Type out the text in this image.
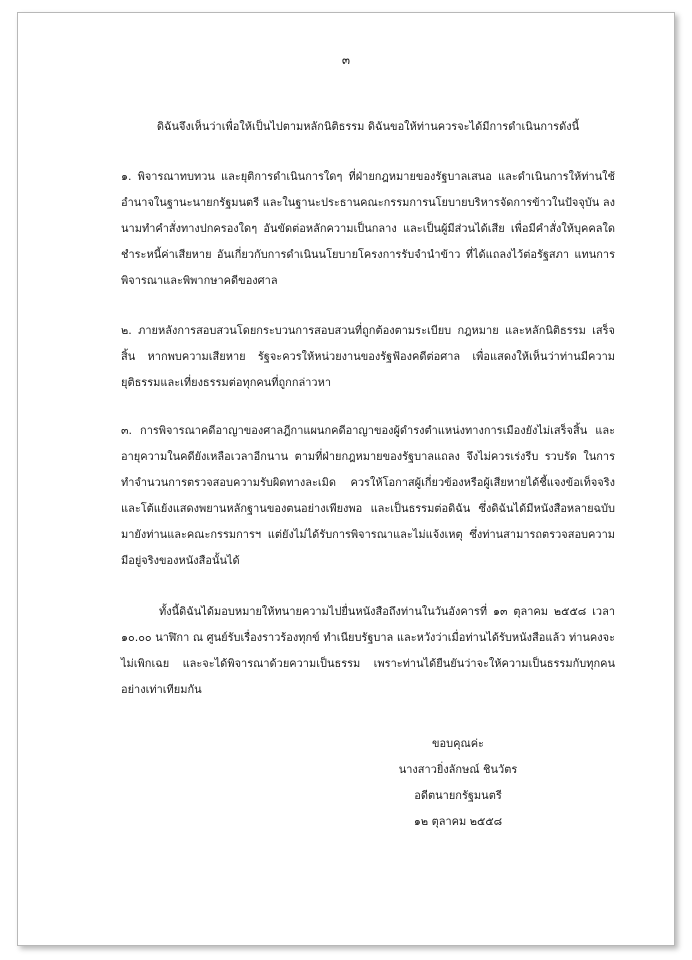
๓

ดิฉันจึงเห็นว่าเพื่อให้เป็นไปตามหลักนิติธรรม ดิฉันขอให้ท่านควรจะได้มีการดำเนินการดังนี้

๑. พิจารณาทบทวน และยุติการดำเนินการใดๆ ที่ฝ่ายกฎหมายของรัฐบาลเสนอ และดำเนินการให้ท่านใช้อำนาจในฐานะนายกรัฐมนตรี และในฐานะประธานคณะกรรมการนโยบายบริหารจัดการข้าวในปัจจุบัน ลงนามทำคำสั่งทางปกครองใดๆ อันขัดต่อหลักความเป็นกลาง และเป็นผู้มีส่วนได้เสีย เพื่อมีคำสั่งให้บุคคลใดชำระหนี้ค่าเสียหาย อันเกี่ยวกับการดำเนินนโยบายโครงการรับจำนำข้าว ที่ได้แถลงไว้ต่อรัฐสภา แทนการพิจารณาและพิพากษาคดีของศาล

๒. ภายหลังการสอบสวนโดยกระบวนการสอบสวนที่ถูกต้องตามระเบียบ กฎหมาย และหลักนิติธรรม เสร็จสิ้น หากพบความเสียหาย รัฐจะควรให้หน่วยงานของรัฐฟ้องคดีต่อศาล เพื่อแสดงให้เห็นว่าท่านมีความยุติธรรมและเที่ยงธรรมต่อทุกคนที่ถูกกล่าวหา

๓. การพิจารณาคดีอาญาของศาลฎีกาแผนกคดีอาญาของผู้ดำรงตำแหน่งทางการเมืองยังไม่เสร็จสิ้น และอายุความในคดียังเหลือเวลาอีกนาน ตามที่ฝ่ายกฎหมายของรัฐบาลแถลง จึงไม่ควรเร่งรีบ รวบรัด ในการทำจำนวนการตรวจสอบความรับผิดทางละเมิด ควรให้โอกาสผู้เกี่ยวข้องหรือผู้เสียหายได้ชี้แจงข้อเท็จจริงและโต้แย้งแสดงพยานหลักฐานของตนอย่างเพียงพอ และเป็นธรรมต่อดิฉัน ซึ่งดิฉันได้มีหนังสือหลายฉบับมายังท่านและคณะกรรมการฯ แต่ยังไม่ได้รับการพิจารณาและไม่แจ้งเหตุ ซึ่งท่านสามารถตรวจสอบความมีอยู่จริงของหนังสือนั้นได้

ทั้งนี้ดิฉันได้มอบหมายให้ทนายความไปยื่นหนังสือถึงท่านในวันอังคารที่ ๑๓ ตุลาคม ๒๕๕๘ เวลา ๑๐.๐๐ นาฬิกา ณ ศูนย์รับเรื่องราวร้องทุกข์ ทำเนียบรัฐบาล และหวังว่าเมื่อท่านได้รับหนังสือแล้ว ท่านคงจะไม่เพิกเฉย และจะได้พิจารณาด้วยความเป็นธรรม เพราะท่านได้ยืนยันว่าจะให้ความเป็นธรรมกับทุกคนอย่างเท่าเทียมกัน

ขอบคุณค่ะ
นางสาวยิ่งลักษณ์ ชินวัตร
อดีตนายกรัฐมนตรี
๑๒ ตุลาคม ๒๕๕๘
